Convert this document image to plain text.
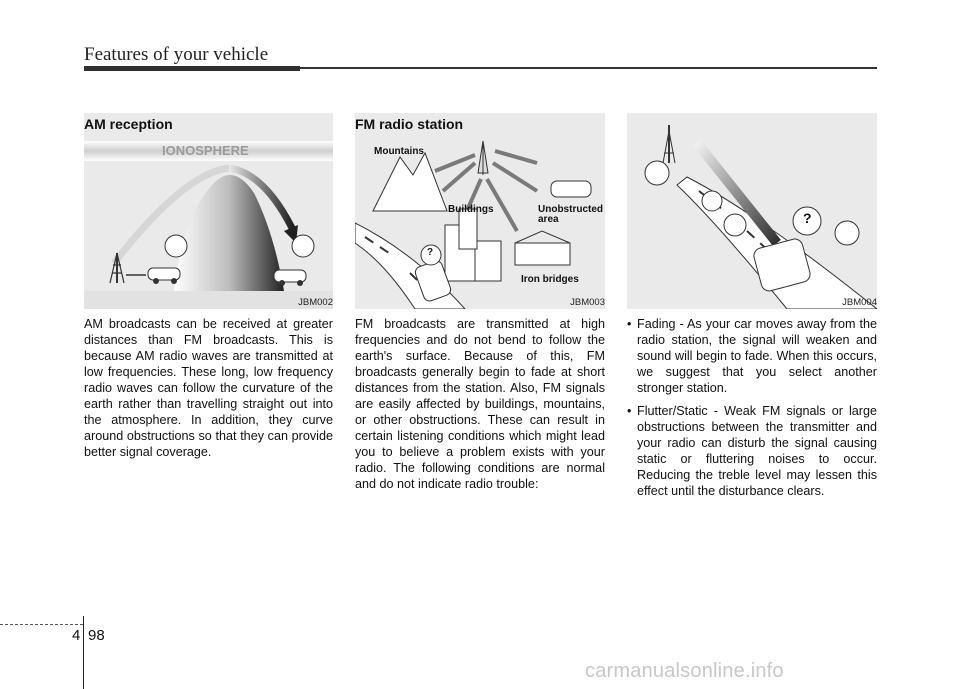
Features of your vehicle
AM reception
IONOSPHERE
JBM002
FM radio station
Mountains
Buildings	Unobstructed
area
Iron bridges
?
JBM003
?
JBM004
AM broadcasts can be received at greater distances than FM broadcasts. This is because AM radio waves are transmitted at low frequencies. These long, low frequency radio waves can follow the curvature of the earth rather than travelling straight out into the atmosphere. In addition, they curve around obstructions so that they can provide better signal coverage.
FM broadcasts are transmitted at high frequencies and do not bend to follow the earth's surface. Because of this, FM broadcasts generally begin to fade at short distances from the station. Also, FM signals are easily affected by buildings, mountains, or other obstructions. These can result in certain listening conditions which might lead you to believe a problem exists with your radio. The following conditions are normal and do not indicate radio trouble:
• Fading - As your car moves away from the radio station, the signal will weaken and sound will begin to fade. When this occurs, we suggest that you select another stronger station.
• Flutter/Static - Weak FM signals or large obstructions between the transmitter and your radio can disturb the signal causing static or fluttering noises to occur. Reducing the treble level may lessen this effect until the disturbance clears.
4 98
carmanualsonline.info
